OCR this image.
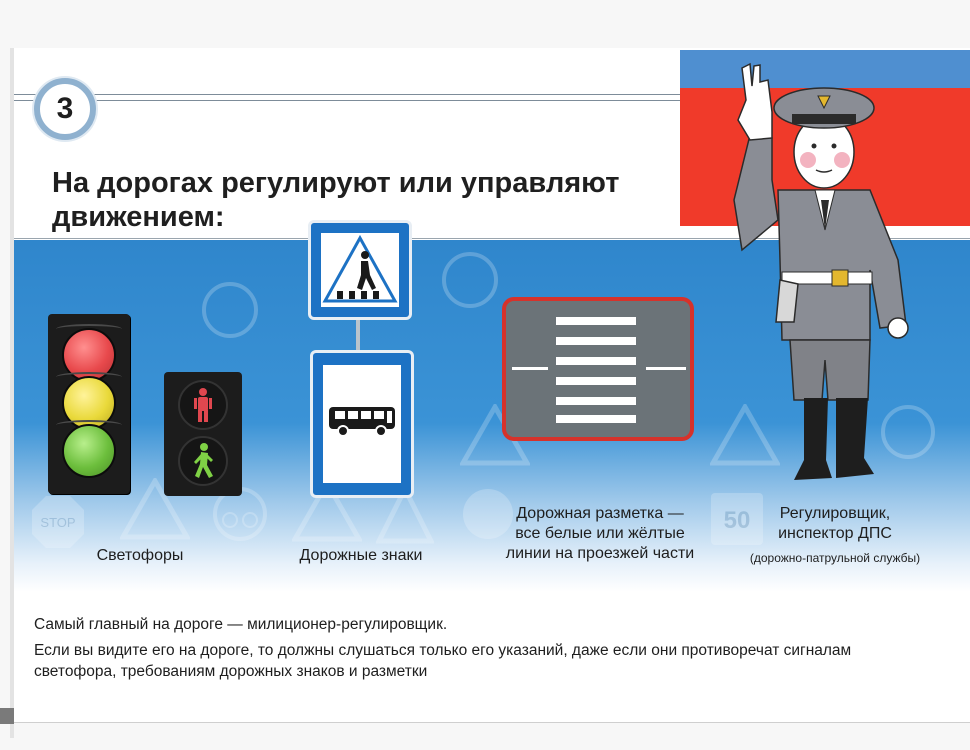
STOP	50
3
На дорогах регулируют или управляют
движением:
Светофоры	Дорожные знаки
Дорожная разметка —
все белые или жёлтые
линии на проезжей части
Регулировщик,
инспектор ДПС
(дорожно-патрульной службы)
Самый главный на дороге — милиционер-регулировщик.
Если вы видите его на дороге, то должны слушаться только его указаний, даже если они противоречат сигналам
светофора, требованиям дорожных знаков и разметки
